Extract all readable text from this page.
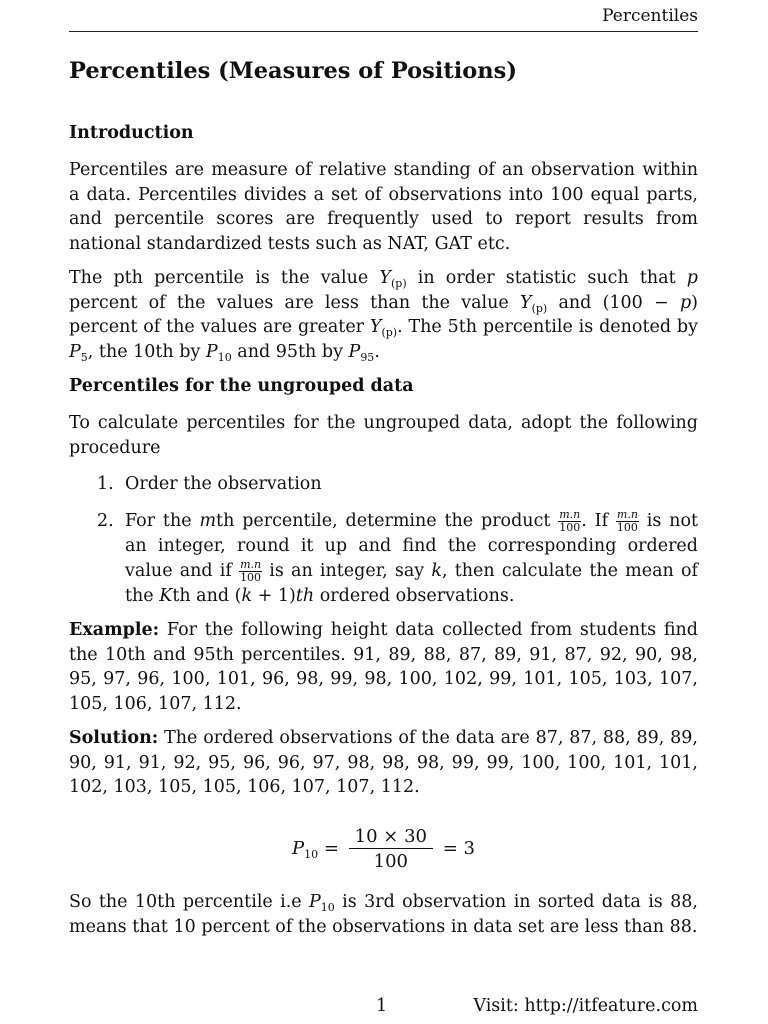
Percentiles
Percentiles (Measures of Positions)
Introduction

Percentiles are measure of relative standing of an observation within a data. Percentiles divides a set of observations into 100 equal parts, and percentile scores are frequently used to report results from national standardized tests such as NAT, GAT etc.

The pth percentile is the value $Y_{(p)}$ in order statistic such that p percent of the values are less than the value $Y_{(p)}$ and (100 − p) percent of the values are greater $Y_{(p)}$. The 5th percentile is denoted by $P_5$, the 10th by $P_{10}$ and 95th by $P_{95}$.

Percentiles for the ungrouped data

To calculate percentiles for the ungrouped data, adopt the following procedure

1. Order the observation
2. For the mth percentile, determine the product $\frac{m.n}{100}$ . If $\frac{m.n}{100}$ is not an integer, round it up and find the corresponding ordered value and if $\frac{m.n}{100}$ is an integer, say k, then calculate the mean of the Kth and (k + 1)th ordered observations.

Example: For the following height data collected from students find the 10th and 95th percentiles. 91, 89, 88, 87, 89, 91, 87, 92, 90, 98, 95, 97, 96, 100, 101, 96, 98, 99, 98, 100, 102, 99, 101, 105, 103, 107, 105, 106, 107, 112.

Solution: The ordered observations of the data are 87, 87, 88, 89, 89, 90, 91, 91, 92, 95, 96, 96, 97, 98, 98, 98, 99, 99, 100, 100, 101, 101, 102, 103, 105, 105, 106, 107, 107, 112.

$P_{10} = \frac{10 \times 30}{100} = 3$

So the 10th percentile i.e $P_{10}$ is 3rd observation in sorted data is 88, means that 10 percent of the observations in data set are less than 88.

1	Visit: http://itfeature.com
